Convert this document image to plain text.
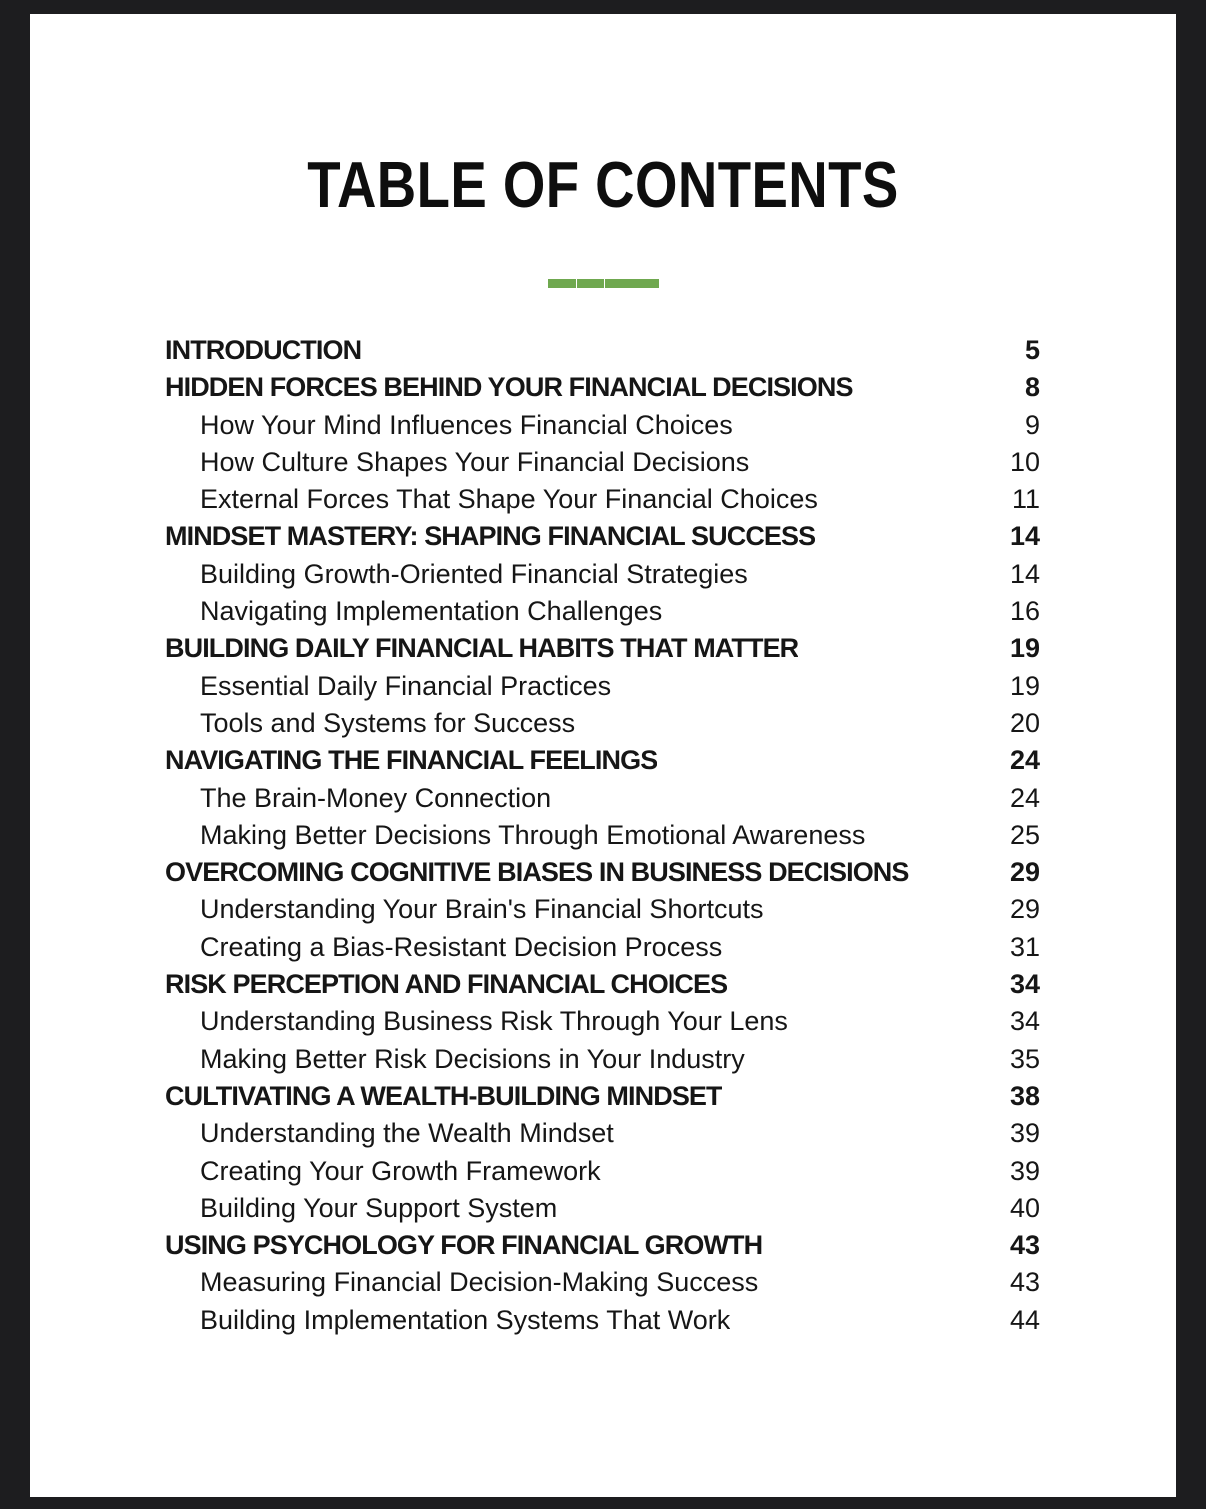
TABLE OF CONTENTS
INTRODUCTION	5
HIDDEN FORCES BEHIND YOUR FINANCIAL DECISIONS	8
How Your Mind Influences Financial Choices	9
How Culture Shapes Your Financial Decisions	10
External Forces That Shape Your Financial Choices	11
MINDSET MASTERY: SHAPING FINANCIAL SUCCESS	14
Building Growth-Oriented Financial Strategies	14
Navigating Implementation Challenges	16
BUILDING DAILY FINANCIAL HABITS THAT MATTER	19
Essential Daily Financial Practices	19
Tools and Systems for Success	20
NAVIGATING THE FINANCIAL FEELINGS	24
The Brain-Money Connection	24
Making Better Decisions Through Emotional Awareness	25
OVERCOMING COGNITIVE BIASES IN BUSINESS DECISIONS	29
Understanding Your Brain's Financial Shortcuts	29
Creating a Bias-Resistant Decision Process	31
RISK PERCEPTION AND FINANCIAL CHOICES	34
Understanding Business Risk Through Your Lens	34
Making Better Risk Decisions in Your Industry	35
CULTIVATING A WEALTH-BUILDING MINDSET	38
Understanding the Wealth Mindset	39
Creating Your Growth Framework	39
Building Your Support System	40
USING PSYCHOLOGY FOR FINANCIAL GROWTH	43
Measuring Financial Decision-Making Success	43
Building Implementation Systems That Work	44
